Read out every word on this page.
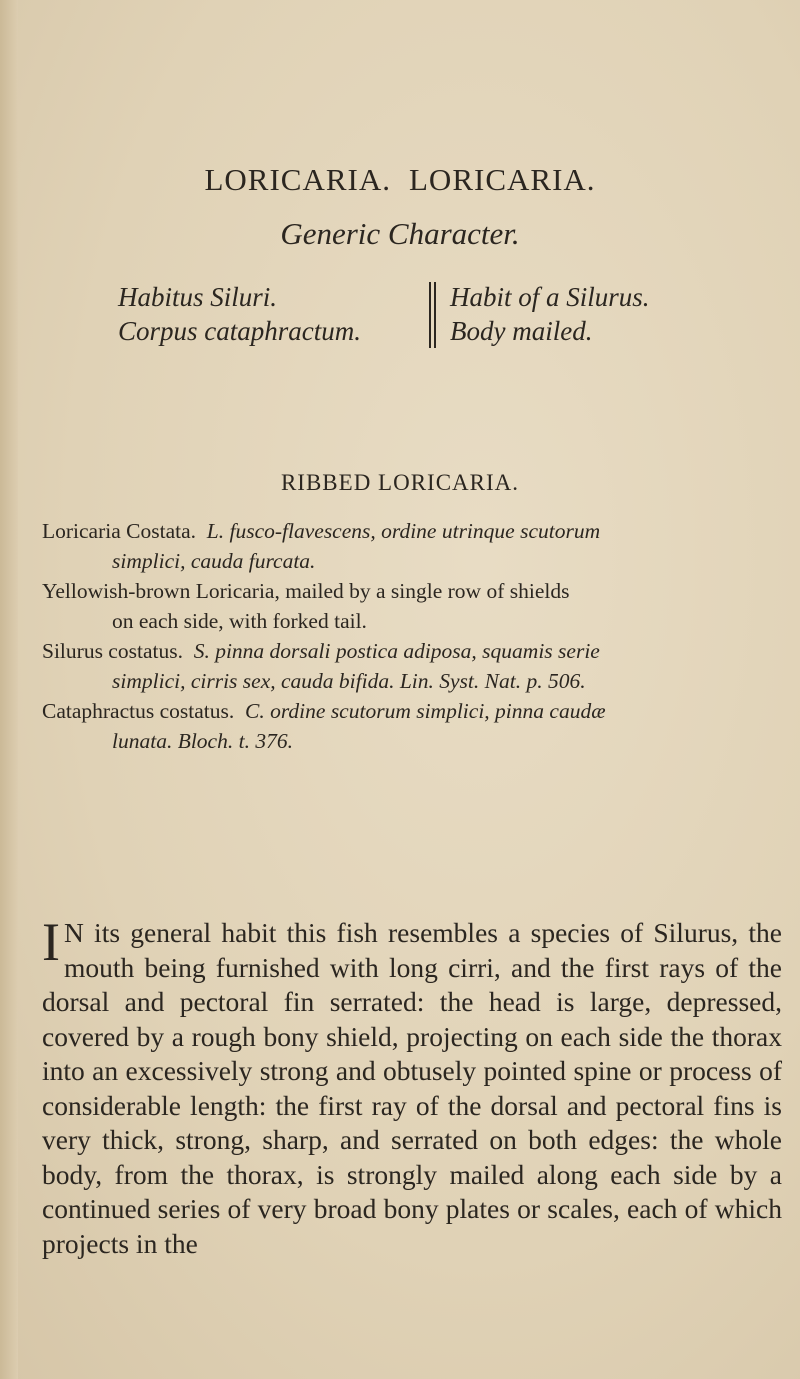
LORICARIA. LORICARIA.
Generic Character.
Habitus Siluri.
Corpus cataphractum.
Habit of a Silurus.
Body mailed.
RIBBED LORICARIA.

Loricaria Costata. L. fusco-flavescens, ordine utrinque scutorum
simplici, cauda furcata.

Yellowish-brown Loricaria, mailed by a single row of shields
on each side, with forked tail.

Silurus costatus. S. pinna dorsali postica adiposa, squamis serie
simplici, cirris sex, cauda bifida. Lin. Syst. Nat. p. 506.

Cataphractus costatus. C. ordine scutorum simplici, pinna caudæ
lunata. Bloch. t. 376.

I N its general habit this fish resembles a species of Silurus, the mouth being furnished with long cirri, and the first rays of the dorsal and pectoral fin serrated: the head is large, depressed, covered by a rough bony shield, projecting on each side the thorax into an excessively strong and obtusely pointed spine or process of considerable length: the first ray of the dorsal and pectoral fins is very thick, strong, sharp, and serrated on both edges: the whole body, from the thorax, is strongly mailed along each side by a continued series of very broad bony plates or scales, each of which projects in the
